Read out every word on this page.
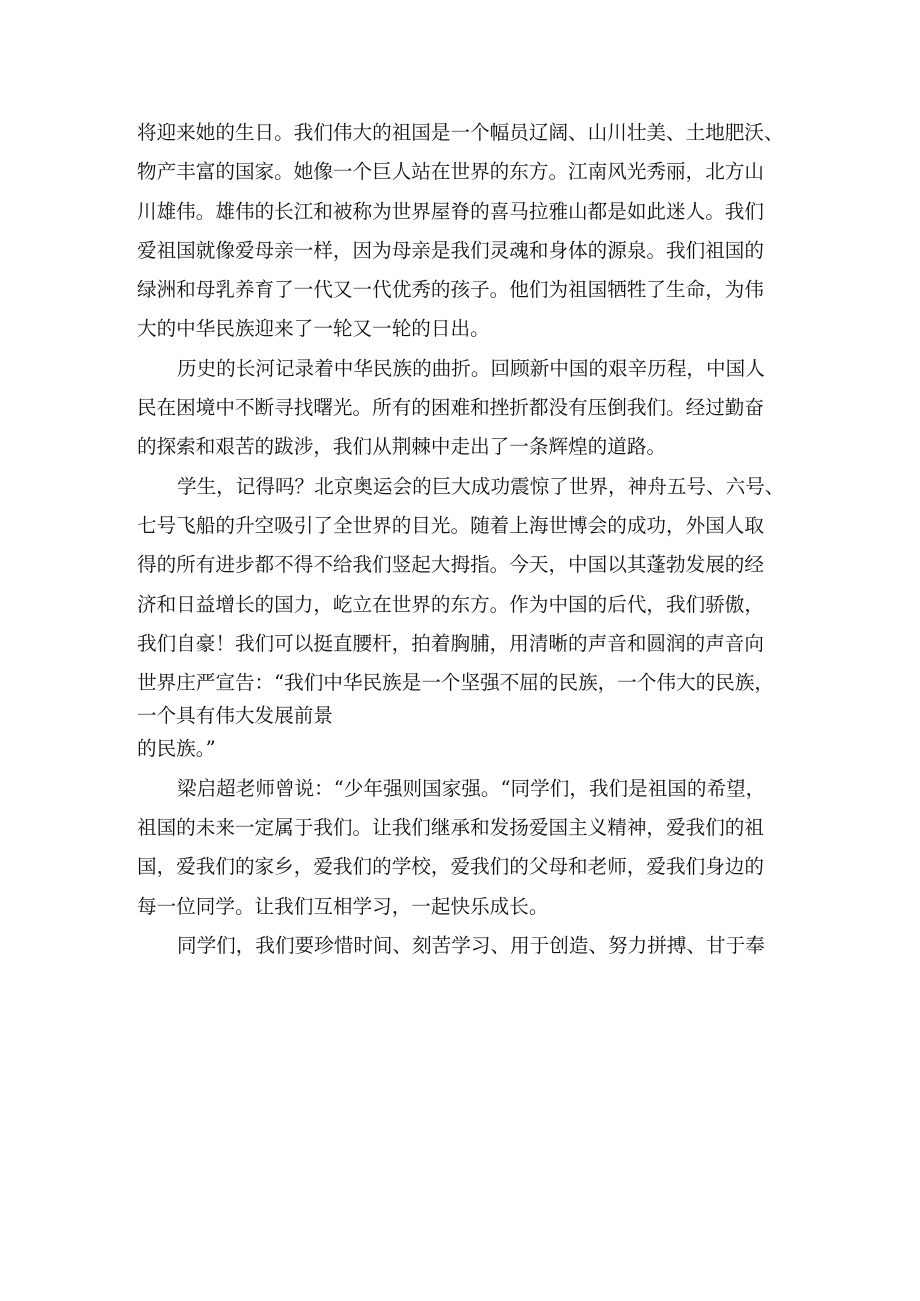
将迎来她的生日。我们伟大的祖国是一个幅员辽阔、山川壮美、土地肥沃、
物产丰富的国家。她像一个巨人站在世界的东方。江南风光秀丽，北方山
川雄伟。雄伟的长江和被称为世界屋脊的喜马拉雅山都是如此迷人。我们
爱祖国就像爱母亲一样，因为母亲是我们灵魂和身体的源泉。我们祖国的
绿洲和母乳养育了一代又一代优秀的孩子。他们为祖国牺牲了生命，为伟
大的中华民族迎来了一轮又一轮的日出。
历史的长河记录着中华民族的曲折。回顾新中国的艰辛历程，中国人
民在困境中不断寻找曙光。所有的困难和挫折都没有压倒我们。经过勤奋
的探索和艰苦的跋涉，我们从荆棘中走出了一条辉煌的道路。
学生，记得吗？北京奥运会的巨大成功震惊了世界，神舟五号、六号、
七号飞船的升空吸引了全世界的目光。随着上海世博会的成功，外国人取
得的所有进步都不得不给我们竖起大拇指。今天，中国以其蓬勃发展的经
济和日益增长的国力，屹立在世界的东方。作为中国的后代，我们骄傲，
我们自豪！我们可以挺直腰杆，拍着胸脯，用清晰的声音和圆润的声音向
世界庄严宣告：“我们中华民族是一个坚强不屈的民族，一个伟大的民族，
一个具有伟大发展前景
的民族。”
梁启超老师曾说：“少年强则国家强。“同学们，我们是祖国的希望，
祖国的未来一定属于我们。让我们继承和发扬爱国主义精神，爱我们的祖
国，爱我们的家乡，爱我们的学校，爱我们的父母和老师，爱我们身边的
每一位同学。让我们互相学习，一起快乐成长。
同学们，我们要珍惜时间、刻苦学习、用于创造、努力拼搏、甘于奉
